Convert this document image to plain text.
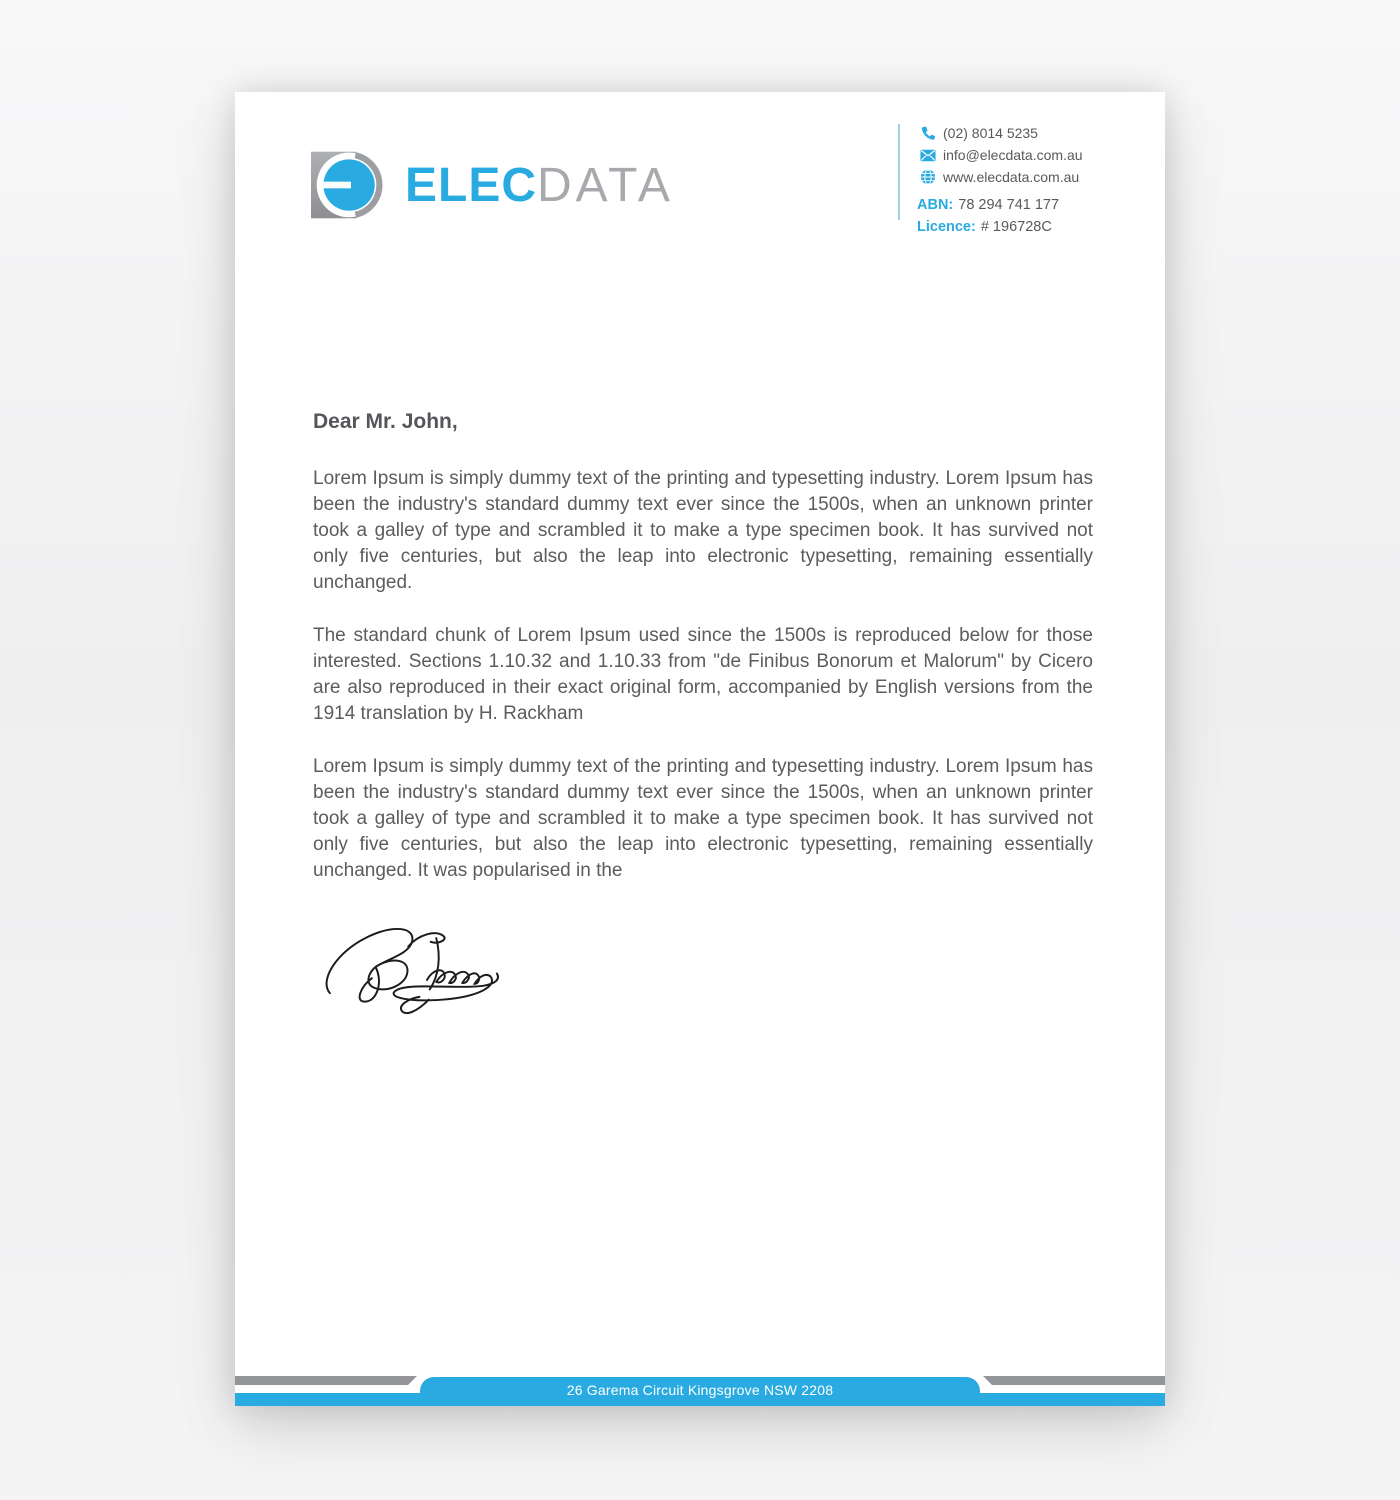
ELECDATA
(02) 8014 5235
info@elecdata.com.au
www.elecdata.com.au
ABN: 78 294 741 177
Licence: # 196728C
Dear Mr. John,

Lorem Ipsum is simply dummy text of the printing and typesetting industry. Lorem Ipsum has been the industry's standard dummy text ever since the 1500s, when an unknown printer took a galley of type and scrambled it to make a type specimen book. It has survived not only five centuries, but also the leap into electronic typesetting, remaining essentially unchanged.

The standard chunk of Lorem Ipsum used since the 1500s is reproduced below for those interested. Sections 1.10.32 and 1.10.33 from "de Finibus Bonorum et Malorum" by Cicero are also reproduced in their exact original form, accompanied by English versions from the 1914 translation by H. Rackham

Lorem Ipsum is simply dummy text of the printing and typesetting industry. Lorem Ipsum has been the industry's standard dummy text ever since the 1500s, when an unknown printer took a galley of type and scrambled it to make a type specimen book. It has survived not only five centuries, but also the leap into electronic typesetting, remaining essentially unchanged. It was popularised in the

26 Garema Circuit Kingsgrove NSW 2208
